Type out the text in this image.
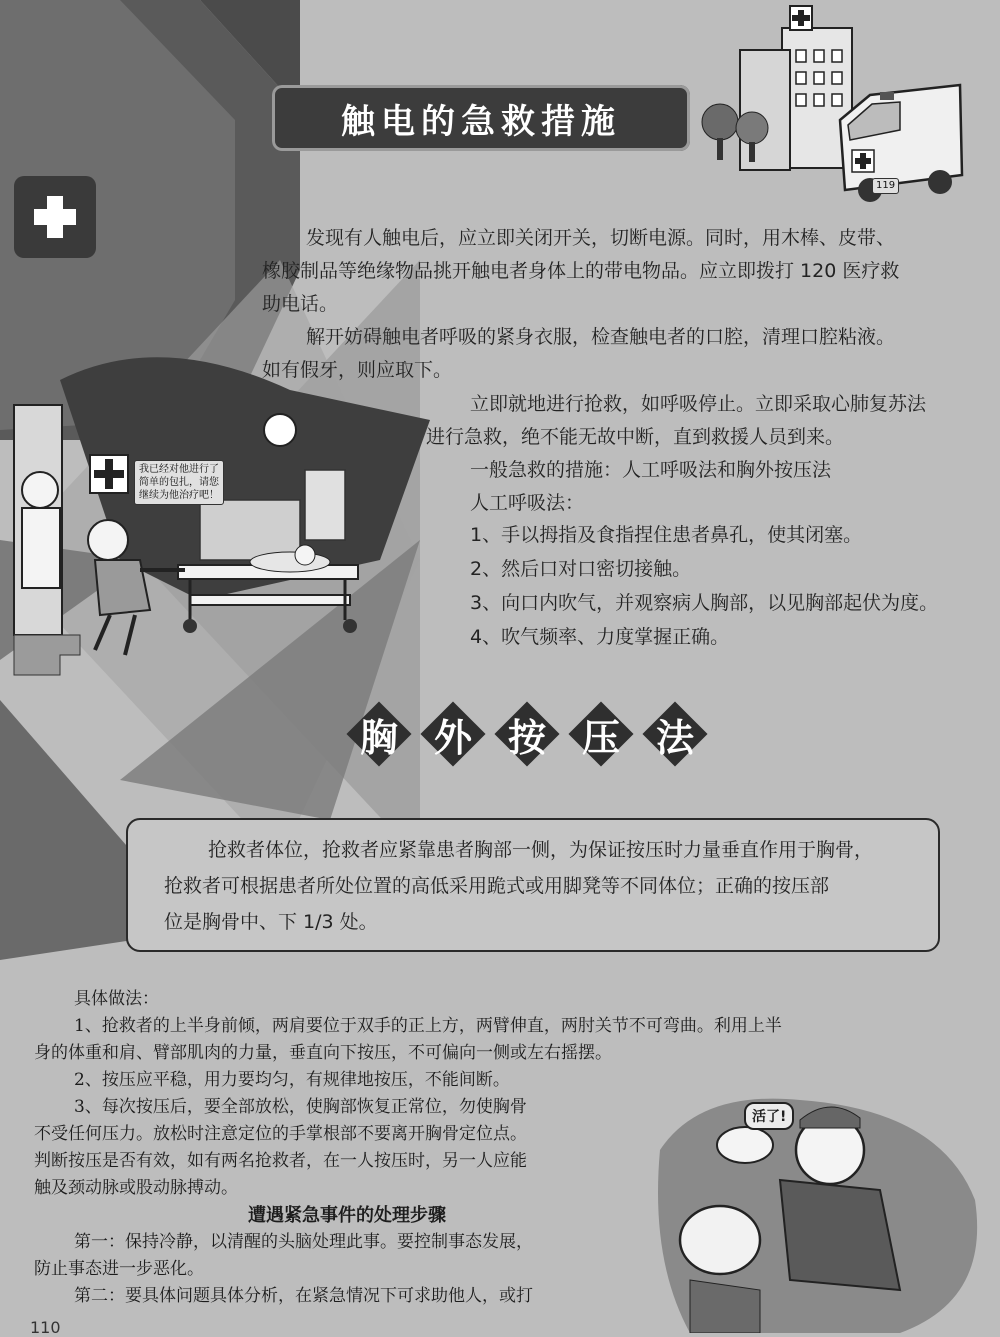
触电的急救措施
发现有人触电后，应立即关闭开关，切断电源。同时，用木棒、皮带、
橡胶制品等绝缘物品挑开触电者身体上的带电物品。应立即拨打 120 医疗救
助电话。
解开妨碍触电者呼吸的紧身衣服，检查触电者的口腔，清理口腔粘液。
如有假牙，则应取下。
立即就地进行抢救，如呼吸停止。立即采取心肺复苏法
进行急救，绝不能无故中断，直到救援人员到来。
一般急救的措施：人工呼吸法和胸外按压法
人工呼吸法：
1、手以拇指及食指捏住患者鼻孔，使其闭塞。
2、然后口对口密切接触。
3、向口内吹气，并观察病人胸部，以见胸部起伏为度。
4、吹气频率、力度掌握正确。
119
我已经对他进行了简单的包扎，请您继续为他治疗吧！
活了!
胸 外 按 压 法
抢救者体位，抢救者应紧靠患者胸部一侧，为保证按压时力量垂直作用于胸骨，
抢救者可根据患者所处位置的高低采用跪式或用脚凳等不同体位；正确的按压部
位是胸骨中、下 1/3 处。
具体做法：
1、抢救者的上半身前倾，两肩要位于双手的正上方，两臂伸直，两肘关节不可弯曲。利用上半
身的体重和肩、臂部肌肉的力量，垂直向下按压，不可偏向一侧或左右摇摆。
2、按压应平稳，用力要均匀，有规律地按压，不能间断。
3、每次按压后，要全部放松，使胸部恢复正常位，勿使胸骨
不受任何压力。放松时注意定位的手掌根部不要离开胸骨定位点。
判断按压是否有效，如有两名抢救者，在一人按压时，另一人应能
触及颈动脉或股动脉搏动。
遭遇紧急事件的处理步骤
第一：保持冷静，以清醒的头脑处理此事。要控制事态发展，
防止事态进一步恶化。
第二：要具体问题具体分析，在紧急情况下可求助他人，或打
110
